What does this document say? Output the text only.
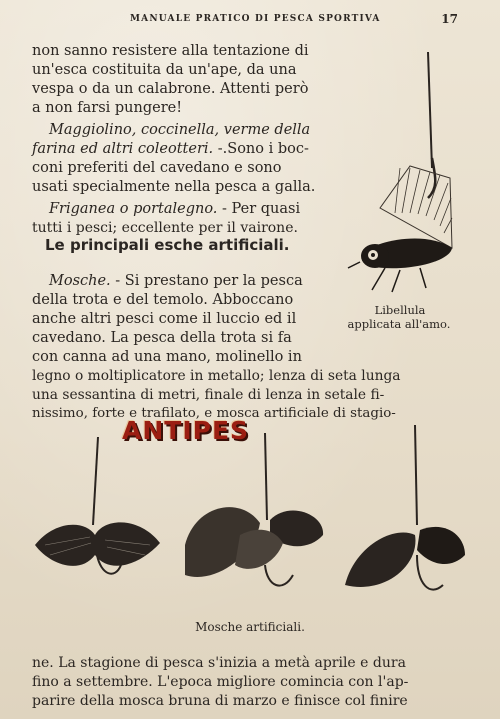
MANUALE PRATICO DI PESCA SPORTIVA	17
non sanno resistere alla tentazione di
un'esca costituita da un'ape, da una
vespa o da un calabrone. Attenti però
a non farsi pungere!
Maggiolino, coccinella, verme della
farina ed altri coleotteri. -.Sono i boc-
coni preferiti del cavedano e sono
usati specialmente nella pesca a galla.
Friganea o portalegno. - Per quasi
tutti i pesci; eccellente per il vairone.
Le principali esche artificiali.
Mosche. - Si prestano per la pesca
della trota e del temolo. Abboccano
anche altri pesci come il luccio ed il
cavedano. La pesca della trota si fa
con canna ad una mano, molinello in
legno o moltiplicatore in metallo; lenza di seta lunga
una sessantina di metri, finale di lenza in setale fi-
nissimo, forte e trafilato, e mosca artificiale di stagio-
Libellula
applicata all'amo.
ANTIPES
Mosche artificiali.
ne. La stagione di pesca s'inizia a metà aprile e dura
fino a settembre. L'epoca migliore comincia con l'ap-
parire della mosca bruna di marzo e finisce col finire
